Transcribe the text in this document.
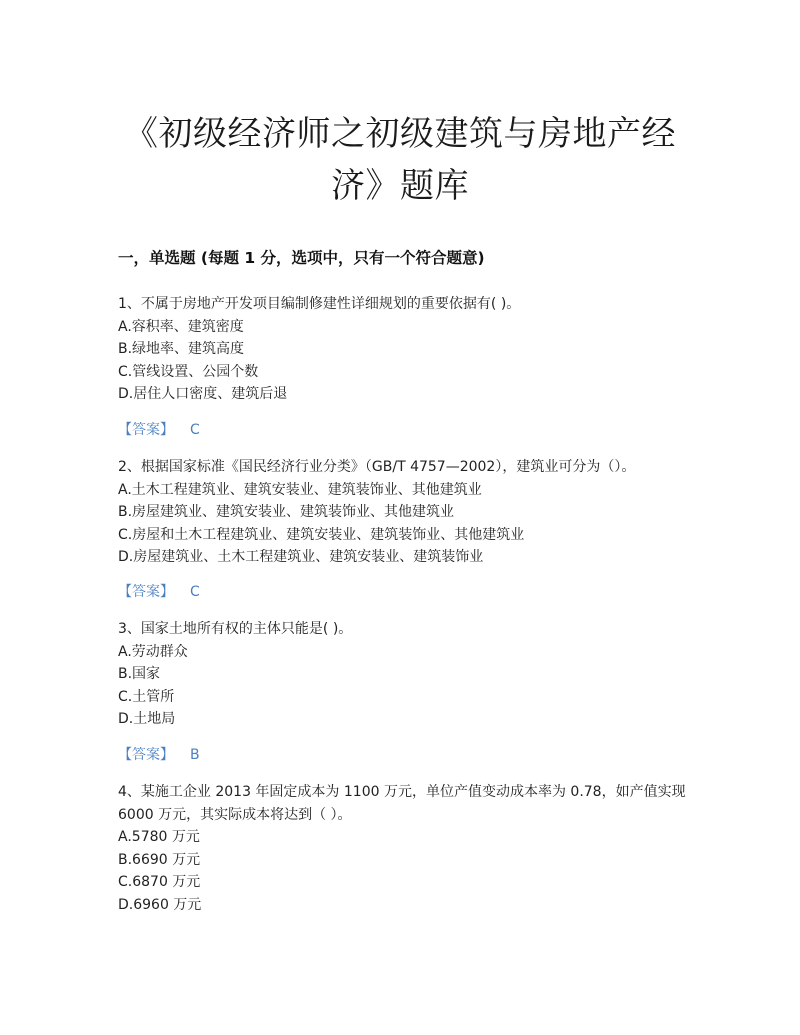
《初级经济师之初级建筑与房地产经
济》题库
一，单选题 (每题 1 分，选项中，只有一个符合题意)
1、不属于房地产开发项目编制修建性详细规划的重要依据有( )。
A.容积率、建筑密度
B.绿地率、建筑高度
C.管线设置、公园个数
D.居住人口密度、建筑后退
【答案】 C
2、根据国家标准《国民经济行业分类》（GB/T 4757—2002），建筑业可分为（）。
A.土木工程建筑业、建筑安装业、建筑装饰业、其他建筑业
B.房屋建筑业、建筑安装业、建筑装饰业、其他建筑业
C.房屋和土木工程建筑业、建筑安装业、建筑装饰业、其他建筑业
D.房屋建筑业、土木工程建筑业、建筑安装业、建筑装饰业
【答案】 C
3、国家土地所有权的主体只能是( )。
A.劳动群众
B.国家
C.土管所
D.土地局
【答案】 B
4、某施工企业 2013 年固定成本为 1100 万元，单位产值变动成本率为 0.78，如产值实现 6000 万元，其实际成本将达到（ ）。
A.5780 万元
B.6690 万元
C.6870 万元
D.6960 万元
